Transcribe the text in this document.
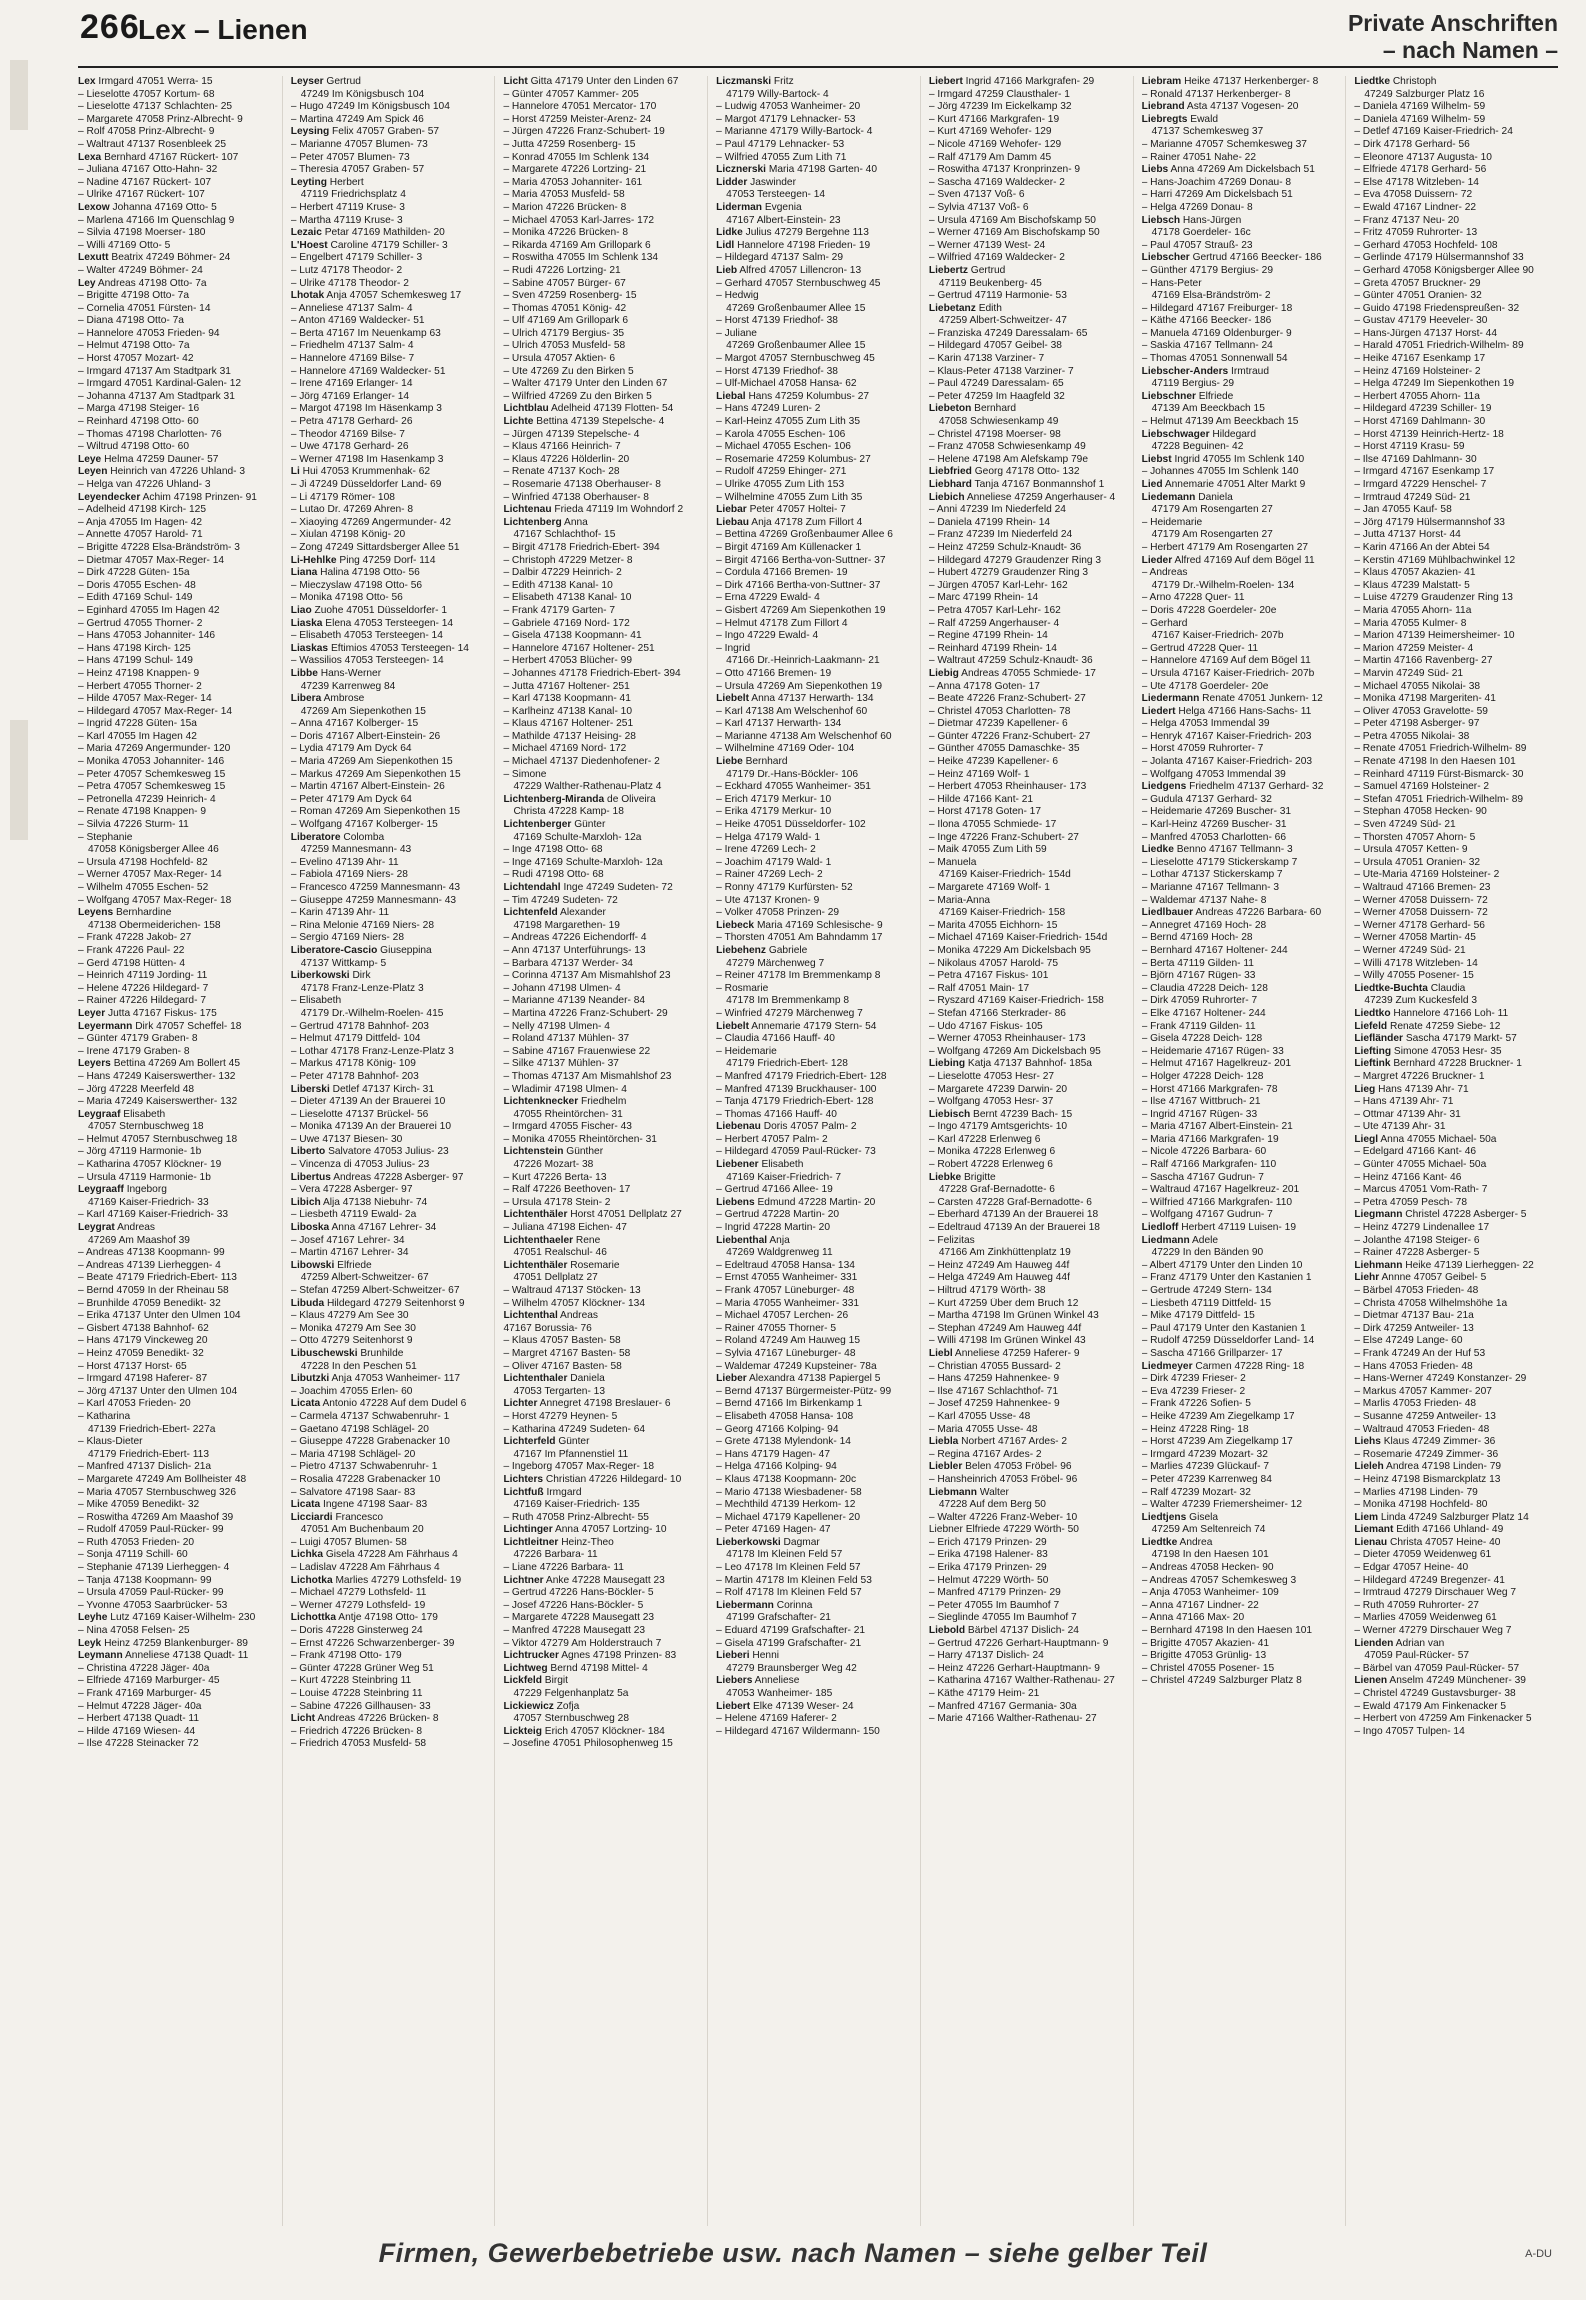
266
Lex – Lienen	Private Anschriften
– nach Namen –
Lex Irmgard 47051 Werra- 15
– Lieselotte 47057 Kortum- 68
– Lieselotte 47137 Schlachten- 25
– Margarete 47058 Prinz-Albrecht- 9
– Rolf 47058 Prinz-Albrecht- 9
– Waltraut 47137 Rosenbleek 25
Lexa Bernhard 47167 Rückert- 107
– Juliana 47167 Otto-Hahn- 32
– Nadine 47167 Rückert- 107
– Ulrike 47167 Rückert- 107
Lexow Johanna 47169 Otto- 5
– Marlena 47166 Im Quenschlag 9
– Silvia 47198 Moerser- 180
– Willi 47169 Otto- 5
Lexutt Beatrix 47249 Böhmer- 24
– Walter 47249 Böhmer- 24
Ley Andreas 47198 Otto- 7a
– Brigitte 47198 Otto- 7a
– Cornelia 47051 Fürsten- 14
– Diana 47198 Otto- 7a
– Hannelore 47053 Frieden- 94
– Helmut 47198 Otto- 7a
– Horst 47057 Mozart- 42
– Irmgard 47137 Am Stadtpark 31
– Irmgard 47051 Kardinal-Galen- 12
– Johanna 47137 Am Stadtpark 31
– Marga 47198 Steiger- 16
– Reinhard 47198 Otto- 60
– Thomas 47198 Charlotten- 76
– Wiltrud 47198 Otto- 60
Leye Helma 47259 Dauner- 57
Leyen Heinrich van 47226 Uhland- 3
– Helga van 47226 Uhland- 3
Leyendecker Achim 47198 Prinzen- 91
– Adelheid 47198 Kirch- 125
– Anja 47055 Im Hagen- 42
– Annette 47057 Harold- 71
– Brigitte 47228 Elsa-Brändström- 3
– Dietmar 47057 Max-Reger- 14
– Dirk 47228 Güten- 15a
– Doris 47055 Eschen- 48
– Edith 47169 Schul- 149
– Eginhard 47055 Im Hagen 42
– Gertrud 47055 Thorner- 2
– Hans 47053 Johanniter- 146
– Hans 47198 Kirch- 125
– Hans 47199 Schul- 149
– Heinz 47198 Knappen- 9
– Herbert 47055 Thorner- 2
– Hilde 47057 Max-Reger- 14
– Hildegard 47057 Max-Reger- 14
– Ingrid 47228 Güten- 15a
– Karl 47055 Im Hagen 42
– Maria 47269 Angermunder- 120
– Monika 47053 Johanniter- 146
– Peter 47057 Schemkesweg 15
– Petra 47057 Schemkesweg 15
– Petronella 47239 Heinrich- 4
– Renate 47198 Knappen- 9
– Silvia 47226 Sturm- 11
– Stephanie
47058 Königsberger Allee 46
– Ursula 47198 Hochfeld- 82
– Werner 47057 Max-Reger- 14
– Wilhelm 47055 Eschen- 52
– Wolfgang 47057 Max-Reger- 18
Leyens Bernhardine
47138 Obermeiderichen- 158
– Frank 47228 Jakob- 27
– Frank 47226 Paul- 22
– Gerd 47198 Hütten- 4
– Heinrich 47119 Jording- 11
– Helene 47226 Hildegard- 7
– Rainer 47226 Hildegard- 7
Leyer Jutta 47167 Fiskus- 175
Leyermann Dirk 47057 Scheffel- 18
– Günter 47179 Graben- 8
– Irene 47179 Graben- 8
Leyers Bettina 47269 Am Bollert 45
– Hans 47249 Kaiserswerther- 132
– Jörg 47228 Meerfeld 48
– Maria 47249 Kaiserswerther- 132
Leygraaf Elisabeth
47057 Sternbuschweg 18
– Helmut 47057 Sternbuschweg 18
– Jörg 47119 Harmonie- 1b
– Katharina 47057 Klöckner- 19
– Ursula 47119 Harmonie- 1b
Leygraaff Ingeborg
47169 Kaiser-Friedrich- 33
– Karl 47169 Kaiser-Friedrich- 33
Leygrat Andreas
47269 Am Maashof 39
– Andreas 47138 Koopmann- 99
– Andreas 47139 Lierheggen- 4
– Beate 47179 Friedrich-Ebert- 113
– Bernd 47059 In der Rheinau 58
– Brunhilde 47059 Benedikt- 32
– Erika 47137 Unter den Ulmen 104
– Gisbert 47138 Bahnhof- 62
– Hans 47179 Vinckeweg 20
– Heinz 47059 Benedikt- 32
– Horst 47137 Horst- 65
– Irmgard 47198 Haferer- 87
– Jörg 47137 Unter den Ulmen 104
– Karl 47053 Frieden- 20
– Katharina
47139 Friedrich-Ebert- 227a
– Klaus-Dieter
47179 Friedrich-Ebert- 113
– Manfred 47137 Dislich- 21a
– Margarete 47249 Am Bollheister 48
– Maria 47057 Sternbuschweg 326
– Mike 47059 Benedikt- 32
– Roswitha 47269 Am Maashof 39
– Rudolf 47059 Paul-Rücker- 99
– Ruth 47053 Frieden- 20
– Sonja 47119 Schill- 60
– Stephanie 47139 Lierheggen- 4
– Tanja 47138 Koopmann- 99
– Ursula 47059 Paul-Rücker- 99
– Yvonne 47053 Saarbrücker- 53
Leyhe Lutz 47169 Kaiser-Wilhelm- 230
– Nina 47058 Felsen- 25
Leyk Heinz 47259 Blankenburger- 89
Leymann Anneliese 47138 Quadt- 11
– Christina 47228 Jäger- 40a
– Elfriede 47169 Marburger- 45
– Frank 47169 Marburger- 45
– Helmut 47228 Jäger- 40a
– Herbert 47138 Quadt- 11
– Hilde 47169 Wiesen- 44
– Ilse 47228 Steinacker 72
Leyser Gertrud
47249 Im Königsbusch 104
– Hugo 47249 Im Königsbusch 104
– Martina 47249 Am Spick 46
Leysing Felix 47057 Graben- 57
– Marianne 47057 Blumen- 73
– Peter 47057 Blumen- 73
– Theresia 47057 Graben- 57
Leyting Herbert
47119 Friedrichsplatz 4
– Herbert 47119 Kruse- 3
– Martha 47119 Kruse- 3
Lezaic Petar 47169 Mathilden- 20
L'Hoest Caroline 47179 Schiller- 3
– Engelbert 47179 Schiller- 3
– Lutz 47178 Theodor- 2
– Ulrike 47178 Theodor- 2
Lhotak Anja 47057 Schemkesweg 17
– Anneliese 47137 Salm- 4
– Anton 47169 Waldecker- 51
– Berta 47167 Im Neuenkamp 63
– Friedhelm 47137 Salm- 4
– Hannelore 47169 Bilse- 7
– Hannelore 47169 Waldecker- 51
– Irene 47169 Erlanger- 14
– Jörg 47169 Erlanger- 14
– Margot 47198 Im Häsenkamp 3
– Petra 47178 Gerhard- 26
– Theodor 47169 Bilse- 7
– Uwe 47178 Gerhard- 26
– Werner 47198 Im Hasenkamp 3
Li Hui 47053 Krummenhak- 62
– Ji 47249 Düsseldorfer Land- 69
– Li 47179 Römer- 108
– Lutao Dr. 47269 Ahren- 8
– Xiaoying 47269 Angermunder- 42
– Xiulan 47198 König- 20
– Zong 47249 Sittardsberger Allee 51
Li-Hehlke Ping 47259 Dorf- 114
Liana Halina 47198 Otto- 56
– Mieczyslaw 47198 Otto- 56
– Monika 47198 Otto- 56
Liao Zuohe 47051 Düsseldorfer- 1
Liaska Elena 47053 Tersteegen- 14
– Elisabeth 47053 Tersteegen- 14
Liaskas Eftimios 47053 Tersteegen- 14
– Wassilios 47053 Tersteegen- 14
Libbe Hans-Werner
47239 Karrenweg 84
Libera Ambrose
47269 Am Siepenkothen 15
– Anna 47167 Kolberger- 15
– Doris 47167 Albert-Einstein- 26
– Lydia 47179 Am Dyck 64
– Maria 47269 Am Siepenkothen 15
– Markus 47269 Am Siepenkothen 15
– Martin 47167 Albert-Einstein- 26
– Peter 47179 Am Dyck 64
– Roman 47269 Am Siepenkothen 15
– Wolfgang 47167 Kolberger- 15
Liberatore Colomba
47259 Mannesmann- 43
– Evelino 47139 Ahr- 11
– Fabiola 47169 Niers- 28
– Francesco 47259 Mannesmann- 43
– Giuseppe 47259 Mannesmann- 43
– Karin 47139 Ahr- 11
– Rina Melonie 47169 Niers- 28
– Sergio 47169 Niers- 28
Liberatore-Cascio Giuseppina
47137 Wittkamp- 5
Liberkowski Dirk
47178 Franz-Lenze-Platz 3
– Elisabeth
47179 Dr.-Wilhelm-Roelen- 415
– Gertrud 47178 Bahnhof- 203
– Helmut 47179 Dittfeld- 104
– Lothar 47178 Franz-Lenze-Platz 3
– Markus 47178 König- 109
– Peter 47178 Bahnhof- 203
Liberski Detlef 47137 Kirch- 31
– Dieter 47139 An der Brauerei 10
– Lieselotte 47137 Brückel- 56
– Monika 47139 An der Brauerei 10
– Uwe 47137 Biesen- 30
Liberto Salvatore 47053 Julius- 23
– Vincenza di 47053 Julius- 23
Libertus Andreas 47228 Asberger- 97
– Vera 47228 Asberger- 97
Libich Alja 47138 Niebuhr- 74
– Liesbeth 47119 Ewald- 2a
Liboska Anna 47167 Lehrer- 34
– Josef 47167 Lehrer- 34
– Martin 47167 Lehrer- 34
Libowski Elfriede
47259 Albert-Schweitzer- 67
– Stefan 47259 Albert-Schweitzer- 67
Libuda Hildegard 47279 Seitenhorst 9
– Klaus 47279 Am See 30
– Monika 47279 Am See 30
– Otto 47279 Seitenhorst 9
Libuschewski Brunhilde
47228 In den Peschen 51
Libutzki Anja 47053 Wanheimer- 117
– Joachim 47055 Erlen- 60
Licata Antonio 47228 Auf dem Dudel 6
– Carmela 47137 Schwabenruhr- 1
– Gaetano 47198 Schlägel- 20
– Giuseppe 47228 Grabenacker 10
– Maria 47198 Schlägel- 20
– Pietro 47137 Schwabenruhr- 1
– Rosalia 47228 Grabenacker 10
– Salvatore 47198 Saar- 83
Licata Ingene 47198 Saar- 83
Licciardi Francesco
47051 Am Buchenbaum 20
– Luigi 47057 Blumen- 58
Lichka Gisela 47228 Am Fährhaus 4
– Ladislav 47228 Am Fährhaus 4
Lichotka Marlies 47279 Lothsfeld- 19
– Michael 47279 Lothsfeld- 11
– Werner 47279 Lothsfeld- 19
Lichottka Antje 47198 Otto- 179
– Doris 47228 Ginsterweg 24
– Ernst 47226 Schwarzenberger- 39
– Frank 47198 Otto- 179
– Günter 47228 Grüner Weg 51
– Kurt 47228 Steinbring 11
– Louise 47228 Steinbring 11
– Sabine 47226 Gillhausen- 33
Licht Andreas 47226 Brücken- 8
– Friedrich 47226 Brücken- 8
– Friedrich 47053 Musfeld- 58
Licht Gitta 47179 Unter den Linden 67
– Günter 47057 Kammer- 205
– Hannelore 47051 Mercator- 170
– Horst 47259 Meister-Arenz- 24
– Jürgen 47226 Franz-Schubert- 19
– Jutta 47259 Rosenberg- 15
– Konrad 47055 Im Schlenk 134
– Margarete 47226 Lortzing- 21
– Maria 47053 Johanniter- 161
– Maria 47053 Musfeld- 58
– Marion 47226 Brücken- 8
– Michael 47053 Karl-Jarres- 172
– Monika 47226 Brücken- 8
– Rikarda 47169 Am Grillopark 6
– Roswitha 47055 Im Schlenk 134
– Rudi 47226 Lortzing- 21
– Sabine 47057 Bürger- 67
– Sven 47259 Rosenberg- 15
– Thomas 47051 König- 42
– Ulf 47169 Am Grillopark 6
– Ulrich 47179 Bergius- 35
– Ulrich 47053 Musfeld- 58
– Ursula 47057 Aktien- 6
– Ute 47269 Zu den Birken 5
– Walter 47179 Unter den Linden 67
– Wilfried 47269 Zu den Birken 5
Lichtblau Adelheid 47139 Flotten- 54
Lichte Bettina 47139 Stepelsche- 4
– Jürgen 47139 Stepelsche- 4
– Klaus 47166 Heinrich- 7
– Klaus 47226 Hölderlin- 20
– Renate 47137 Koch- 28
– Rosemarie 47138 Oberhauser- 8
– Winfried 47138 Oberhauser- 8
Lichtenau Frieda 47119 Im Wohndorf 2
Lichtenberg Anna
47167 Schlachthof- 15
– Birgit 47178 Friedrich-Ebert- 394
– Christoph 47229 Metzer- 8
– Dalbir 47229 Heinrich- 2
– Edith 47138 Kanal- 10
– Elisabeth 47138 Kanal- 10
– Frank 47179 Garten- 7
– Gabriele 47169 Nord- 172
– Gisela 47138 Koopmann- 41
– Hannelore 47167 Holtener- 251
– Herbert 47053 Blücher- 99
– Johannes 47178 Friedrich-Ebert- 394
– Jutta 47167 Holtener- 251
– Karl 47138 Koopmann- 41
– Karlheinz 47138 Kanal- 10
– Klaus 47167 Holtener- 251
– Mathilde 47137 Heising- 28
– Michael 47169 Nord- 172
– Michael 47137 Diedenhofener- 2
– Simone
47229 Walther-Rathenau-Platz 4
Lichtenberg-Miranda de Oliveira
Christa 47228 Kamp- 18
Lichtenberger Günter
47169 Schulte-Marxloh- 12a
– Inge 47198 Otto- 68
– Inge 47169 Schulte-Marxloh- 12a
– Rudi 47198 Otto- 68
Lichtendahl Inge 47249 Sudeten- 72
– Tim 47249 Sudeten- 72
Lichtenfeld Alexander
47198 Margarethen- 19
– Andreas 47226 Eichendorff- 4
– Ann 47137 Unterführungs- 13
– Barbara 47137 Werder- 34
– Corinna 47137 Am Mismahlshof 23
– Johann 47198 Ulmen- 4
– Marianne 47139 Neander- 84
– Martina 47226 Franz-Schubert- 29
– Nelly 47198 Ulmen- 4
– Roland 47137 Mühlen- 37
– Sabine 47167 Frauenwiese 22
– Silke 47137 Mühlen- 37
– Thomas 47137 Am Mismahlshof 23
– Wladimir 47198 Ulmen- 4
Lichtenknecker Friedhelm
47055 Rheintörchen- 31
– Irmgard 47055 Fischer- 43
– Monika 47055 Rheintörchen- 31
Lichtenstein Günther
47226 Mozart- 38
– Kurt 47226 Berta- 13
– Ralf 47226 Beethoven- 17
– Ursula 47178 Stein- 2
Lichtenthäler Horst 47051 Dellplatz 27
– Juliana 47198 Eichen- 47
Lichtenthaeler Rene
47051 Realschul- 46
Lichtenthäler Rosemarie
47051 Dellplatz 27
– Waltraud 47137 Stöcken- 13
– Wilhelm 47057 Klöckner- 134
Lichtenthal Andreas
47167 Borussia- 76
– Klaus 47057 Basten- 58
– Margret 47167 Basten- 58
– Oliver 47167 Basten- 58
Lichtenthaler Daniela
47053 Tergarten- 13
Lichter Annegret 47198 Breslauer- 6
– Horst 47279 Heynen- 5
– Katharina 47249 Sudeten- 64
Lichterfeld Günter
47167 Im Pfannenstiel 11
– Ingeborg 47057 Max-Reger- 18
Lichters Christian 47226 Hildegard- 10
Lichtfuß Irmgard
47169 Kaiser-Friedrich- 135
– Ruth 47058 Prinz-Albrecht- 55
Lichtinger Anna 47057 Lortzing- 10
Lichtleitner Heinz-Theo
47226 Barbara- 11
– Liane 47226 Barbara- 11
Lichtner Anke 47228 Mausegatt 23
– Gertrud 47226 Hans-Böckler- 5
– Josef 47226 Hans-Böckler- 5
– Margarete 47228 Mausegatt 23
– Manfred 47228 Mausegatt 23
– Viktor 47279 Am Holderstrauch 7
Lichtrucker Agnes 47198 Prinzen- 83
Lichtweg Bernd 47198 Mittel- 4
Lickfeld Birgit
47229 Felgenhanplatz 5a
Lickiewicz Zofja
47057 Sternbuschweg 28
Lickteig Erich 47057 Klöckner- 184
– Josefine 47051 Philosophenweg 15
Liczmanski Fritz
47179 Willy-Bartock- 4
– Ludwig 47053 Wanheimer- 20
– Margot 47179 Lehnacker- 53
– Marianne 47179 Willy-Bartock- 4
– Paul 47179 Lehnacker- 53
– Wilfried 47055 Zum Lith 71
Licznerski Maria 47198 Garten- 40
Lidder Jaswinder
47053 Tersteegen- 14
Liderman Evgenia
47167 Albert-Einstein- 23
Lidke Julius 47279 Bergehne 113
Lidl Hannelore 47198 Frieden- 19
– Hildegard 47137 Salm- 29
Lieb Alfred 47057 Lillencron- 13
– Gerhard 47057 Sternbuschweg 45
– Hedwig
47269 Großenbaumer Allee 15
– Horst 47139 Friedhof- 38
– Juliane
47269 Großenbaumer Allee 15
– Margot 47057 Sternbuschweg 45
– Horst 47139 Friedhof- 38
– Ulf-Michael 47058 Hansa- 62
Liebal Hans 47259 Kolumbus- 27
– Hans 47249 Luren- 2
– Karl-Heinz 47055 Zum Lith 35
– Karola 47055 Eschen- 106
– Michael 47055 Eschen- 106
– Rosemarie 47259 Kolumbus- 27
– Rudolf 47259 Ehinger- 271
– Ulrike 47055 Zum Lith 153
– Wilhelmine 47055 Zum Lith 35
Liebar Peter 47057 Holtei- 7
Liebau Anja 47178 Zum Fillort 4
– Bettina 47269 Großenbaumer Allee 6
– Birgit 47169 Am Küllenacker 1
– Birgit 47166 Bertha-von-Suttner- 37
– Cordula 47166 Bremen- 19
– Dirk 47166 Bertha-von-Suttner- 37
– Erna 47229 Ewald- 4
– Gisbert 47269 Am Siepenkothen 19
– Helmut 47178 Zum Fillort 4
– Ingo 47229 Ewald- 4
– Ingrid
47166 Dr.-Heinrich-Laakmann- 21
– Otto 47166 Bremen- 19
– Ursula 47269 Am Siepenkothen 19
Liebelt Anna 47137 Herwarth- 134
– Karl 47138 Am Welschenhof 60
– Karl 47137 Herwarth- 134
– Marianne 47138 Am Welschenhof 60
– Wilhelmine 47169 Oder- 104
Liebe Bernhard
47179 Dr.-Hans-Böckler- 106
– Eckhard 47055 Wanheimer- 351
– Erich 47179 Merkur- 10
– Erika 47179 Merkur- 10
– Heike 47051 Düsseldorfer- 102
– Helga 47179 Wald- 1
– Irene 47269 Lech- 2
– Joachim 47179 Wald- 1
– Rainer 47269 Lech- 2
– Ronny 47179 Kurfürsten- 52
– Ute 47137 Kronen- 9
– Volker 47058 Prinzen- 29
Liebeck Maria 47169 Schlesische- 9
– Thorsten 47051 Am Bahndamm 17
Liebehenz Gabriele
47279 Märchenweg 7
– Reiner 47178 Im Bremmenkamp 8
– Rosmarie
47178 Im Bremmenkamp 8
– Winfried 47279 Märchenweg 7
Liebelt Annemarie 47179 Stern- 54
– Claudia 47166 Hauff- 40
– Heidemarie
47179 Friedrich-Ebert- 128
– Manfred 47179 Friedrich-Ebert- 128
– Manfred 47139 Bruckhauser- 100
– Tanja 47179 Friedrich-Ebert- 128
– Thomas 47166 Hauff- 40
Liebenau Doris 47057 Palm- 2
– Herbert 47057 Palm- 2
– Hildegard 47059 Paul-Rücker- 73
Liebener Elisabeth
47169 Kaiser-Friedrich- 7
– Gertrud 47166 Allee- 19
Liebens Edmund 47228 Martin- 20
– Gertrud 47228 Martin- 20
– Ingrid 47228 Martin- 20
Liebenthal Anja
47269 Waldgrenweg 11
– Edeltraud 47058 Hansa- 134
– Ernst 47055 Wanheimer- 331
– Frank 47057 Lüneburger- 48
– Maria 47055 Wanheimer- 331
– Michael 47057 Lerchen- 26
– Rainer 47055 Thorner- 5
– Roland 47249 Am Hauweg 15
– Sylvia 47167 Lüneburger- 48
– Waldemar 47249 Kupsteiner- 78a
Lieber Alexandra 47138 Papiergel 5
– Bernd 47137 Bürgermeister-Pütz- 99
– Bernd 47166 Im Birkenkamp 1
– Elisabeth 47058 Hansa- 108
– Georg 47166 Kolping- 94
– Grete 47138 Mylendonk- 14
– Hans 47179 Hagen- 47
– Helga 47166 Kolping- 94
– Klaus 47138 Koopmann- 20c
– Mario 47138 Wiesbadener- 58
– Mechthild 47139 Herkom- 12
– Michael 47179 Kapellener- 20
– Peter 47169 Hagen- 47
Lieberkowski Dagmar
47178 Im Kleinen Feld 57
– Leo 47178 Im Kleinen Feld 57
– Martin 47178 Im Kleinen Feld 53
– Rolf 47178 Im Kleinen Feld 57
Liebermann Corinna
47199 Grafschafter- 21
– Eduard 47199 Grafschafter- 21
– Gisela 47199 Grafschafter- 21
Lieberi Henni
47279 Braunsberger Weg 42
Liebers Anneliese
47053 Wanheimer- 185
Liebert Elke 47139 Weser- 24
– Helene 47169 Haferer- 2
– Hildegard 47167 Wildermann- 150
Liebert Ingrid 47166 Markgrafen- 29
– Irmgard 47259 Clausthaler- 1
– Jörg 47239 Im Eickelkamp 32
– Kurt 47166 Markgrafen- 19
– Kurt 47169 Wehofer- 129
– Nicole 47169 Wehofer- 129
– Ralf 47179 Am Damm 45
– Roswitha 47137 Kronprinzen- 9
– Sascha 47169 Waldecker- 2
– Sven 47137 Voß- 6
– Sylvia 47137 Voß- 6
– Ursula 47169 Am Bischofskamp 50
– Werner 47169 Am Bischofskamp 50
– Werner 47139 West- 24
– Wilfried 47169 Waldecker- 2
Liebertz Gertrud
47119 Beukenberg- 45
– Gertrud 47119 Harmonie- 53
Liebetanz Edith
47259 Albert-Schweitzer- 47
– Franziska 47249 Daressalam- 65
– Hildegard 47057 Geibel- 38
– Karin 47138 Varziner- 7
– Klaus-Peter 47138 Varziner- 7
– Paul 47249 Daressalam- 65
– Peter 47259 Im Haagfeld 32
Liebeton Bernhard
47058 Schwiesenkamp 49
– Christel 47198 Moerser- 98
– Franz 47058 Schwiesenkamp 49
– Helene 47198 Am Alefskamp 79e
Liebfried Georg 47178 Otto- 132
Liebhard Tanja 47167 Bonmannshof 1
Liebich Anneliese 47259 Angerhauser- 4
– Anni 47239 Im Niederfeld 24
– Daniela 47199 Rhein- 14
– Franz 47239 Im Niederfeld 24
– Heinz 47259 Schulz-Knaudt- 36
– Hildegard 47279 Graudenzer Ring 3
– Hubert 47279 Graudenzer Ring 3
– Jürgen 47057 Karl-Lehr- 162
– Marc 47199 Rhein- 14
– Petra 47057 Karl-Lehr- 162
– Ralf 47259 Angerhauser- 4
– Regine 47199 Rhein- 14
– Reinhard 47199 Rhein- 14
– Waltraut 47259 Schulz-Knaudt- 36
Liebig Andreas 47055 Schmiede- 17
– Anna 47178 Goten- 17
– Beate 47226 Franz-Schubert- 27
– Christel 47053 Charlotten- 78
– Dietmar 47239 Kapellener- 6
– Günter 47226 Franz-Schubert- 27
– Günther 47055 Damaschke- 35
– Heike 47239 Kapellener- 6
– Heinz 47169 Wolf- 1
– Herbert 47053 Rheinhauser- 173
– Hilde 47166 Kant- 21
– Horst 47178 Goten- 17
– Ilona 47055 Schmiede- 17
– Inge 47226 Franz-Schubert- 27
– Maik 47055 Zum Lith 59
– Manuela
47169 Kaiser-Friedrich- 154d
– Margarete 47169 Wolf- 1
– Maria-Anna
47169 Kaiser-Friedrich- 158
– Marita 47055 Eichhorn- 15
– Michael 47169 Kaiser-Friedrich- 154d
– Monika 47229 Am Dickelsbach 95
– Nikolaus 47057 Harold- 75
– Petra 47167 Fiskus- 101
– Ralf 47051 Main- 17
– Ryszard 47169 Kaiser-Friedrich- 158
– Stefan 47166 Sterkrader- 86
– Udo 47167 Fiskus- 105
– Werner 47053 Rheinhauser- 173
– Wolfgang 47269 Am Dickelsbach 95
Liebing Katja 47137 Bahnhof- 185a
– Lieselotte 47053 Hesr- 27
– Margarete 47239 Darwin- 20
– Wolfgang 47053 Hesr- 37
Liebisch Bernt 47239 Bach- 15
– Ingo 47179 Amtsgerichts- 10
– Karl 47228 Erlenweg 6
– Monika 47228 Erlenweg 6
– Robert 47228 Erlenweg 6
Liebke Brigitte
47228 Graf-Bernadotte- 6
– Carsten 47228 Graf-Bernadotte- 6
– Eberhard 47139 An der Brauerei 18
– Edeltraud 47139 An der Brauerei 18
– Felizitas
47166 Am Zinkhüttenplatz 19
– Heinz 47249 Am Hauweg 44f
– Helga 47249 Am Hauweg 44f
– Hiltrud 47179 Wörth- 38
– Kurt 47259 Über dem Bruch 12
– Martha 47198 Im Grünen Winkel 43
– Stephan 47249 Am Hauweg 44f
– Willi 47198 Im Grünen Winkel 43
Liebl Anneliese 47259 Haferer- 9
– Christian 47055 Bussard- 2
– Hans 47259 Hahnenkee- 9
– Ilse 47167 Schlachthof- 71
– Josef 47259 Hahnenkee- 9
– Karl 47055 Usse- 48
– Maria 47055 Usse- 48
Liebla Norbert 47167 Ardes- 2
– Regina 47167 Ardes- 2
Liebler Belen 47053 Fröbel- 96
– Hansheinrich 47053 Fröbel- 96
Liebmann Walter
47228 Auf dem Berg 50
– Walter 47226 Franz-Weber- 10
Liebner Elfriede 47229 Wörth- 50
– Erich 47179 Prinzen- 29
– Erika 47198 Halener- 83
– Erika 47179 Prinzen- 29
– Helmut 47229 Wörth- 50
– Manfred 47179 Prinzen- 29
– Peter 47055 Im Baumhof 7
– Sieglinde 47055 Im Baumhof 7
Liebold Bärbel 47137 Dislich- 24
– Gertrud 47226 Gerhart-Hauptmann- 9
– Harry 47137 Dislich- 24
– Heinz 47226 Gerhart-Hauptmann- 9
– Katharina 47167 Walther-Rathenau- 27
– Käthe 47179 Heim- 21
– Manfred 47167 Germania- 30a
– Marie 47166 Walther-Rathenau- 27
Liebram Heike 47137 Herkenberger- 8
– Ronald 47137 Herkenberger- 8
Liebrand Asta 47137 Vogesen- 20
Liebregts Ewald
47137 Schemkesweg 37
– Marianne 47057 Schemkesweg 37
– Rainer 47051 Nahe- 22
Liebs Anna 47269 Am Dickelsbach 51
– Hans-Joachim 47269 Donau- 8
– Harri 47269 Am Dickelsbach 51
– Helga 47269 Donau- 8
Liebsch Hans-Jürgen
47178 Goerdeler- 16c
– Paul 47057 Strauß- 23
Liebscher Gertrud 47166 Beecker- 186
– Günther 47179 Bergius- 29
– Hans-Peter
47169 Elsa-Brändström- 2
– Hildegard 47167 Freiburger- 18
– Käthe 47166 Beecker- 186
– Manuela 47169 Oldenburger- 9
– Saskia 47167 Tellmann- 24
– Thomas 47051 Sonnenwall 54
Liebscher-Anders Irmtraud
47119 Bergius- 29
Liebschner Elfriede
47139 Am Beeckbach 15
– Helmut 47139 Am Beeckbach 15
Liebschwager Hildegard
47228 Beguinen- 42
Liebst Ingrid 47055 Im Schlenk 140
– Johannes 47055 Im Schlenk 140
Lied Annemarie 47051 Alter Markt 9
Liedemann Daniela
47179 Am Rosengarten 27
– Heidemarie
47179 Am Rosengarten 27
– Herbert 47179 Am Rosengarten 27
Lieder Alfred 47169 Auf dem Bögel 11
– Andreas
47179 Dr.-Wilhelm-Roelen- 134
– Arno 47228 Quer- 11
– Doris 47228 Goerdeler- 20e
– Gerhard
47167 Kaiser-Friedrich- 207b
– Gertrud 47228 Quer- 11
– Hannelore 47169 Auf dem Bögel 11
– Ursula 47167 Kaiser-Friedrich- 207b
– Ute 47178 Goerdeler- 20e
Liedermann Renate 47051 Junkern- 12
Liedert Helga 47166 Hans-Sachs- 11
– Helga 47053 Immendal 39
– Henryk 47167 Kaiser-Friedrich- 203
– Horst 47059 Ruhrorter- 7
– Jolanta 47167 Kaiser-Friedrich- 203
– Wolfgang 47053 Immendal 39
Liedgens Friedhelm 47137 Gerhard- 32
– Gudula 47137 Gerhard- 32
– Heidemarie 47269 Buscher- 31
– Karl-Heinz 47269 Buscher- 31
– Manfred 47053 Charlotten- 66
Liedke Benno 47167 Tellmann- 3
– Lieselotte 47179 Stickerskamp 7
– Lothar 47137 Stickerskamp 7
– Marianne 47167 Tellmann- 3
– Waldemar 47137 Nahe- 8
Liedlbauer Andreas 47226 Barbara- 60
– Annegret 47169 Hoch- 28
– Bernd 47169 Hoch- 28
– Bernhard 47167 Holtener- 244
– Berta 47119 Gilden- 11
– Björn 47167 Rügen- 33
– Claudia 47228 Deich- 128
– Dirk 47059 Ruhrorter- 7
– Elke 47167 Holtener- 244
– Frank 47119 Gilden- 11
– Gisela 47228 Deich- 128
– Heidemarie 47167 Rügen- 33
– Helmut 47167 Hagelkreuz- 201
– Holger 47228 Deich- 128
– Horst 47166 Markgrafen- 78
– Ilse 47167 Wittbruch- 21
– Ingrid 47167 Rügen- 33
– Maria 47167 Albert-Einstein- 21
– Maria 47166 Markgrafen- 19
– Nicole 47226 Barbara- 60
– Ralf 47166 Markgrafen- 110
– Sascha 47167 Gudrun- 7
– Waltraud 47167 Hagelkreuz- 201
– Wilfried 47166 Markgrafen- 110
– Wolfgang 47167 Gudrun- 7
Liedloff Herbert 47119 Luisen- 19
Liedmann Adele
47229 In den Bänden 90
– Albert 47179 Unter den Linden 10
– Franz 47179 Unter den Kastanien 1
– Gertrude 47249 Stern- 134
– Liesbeth 47119 Dittfeld- 15
– Mike 47179 Dittfeld- 15
– Paul 47179 Unter den Kastanien 1
– Rudolf 47259 Düsseldorfer Land- 14
– Sascha 47166 Grillparzer- 17
Liedmeyer Carmen 47228 Ring- 18
– Dirk 47239 Frieser- 2
– Eva 47239 Frieser- 2
– Frank 47226 Sofien- 5
– Heike 47239 Am Ziegelkamp 17
– Heinz 47228 Ring- 18
– Horst 47239 Am Ziegelkamp 17
– Irmgard 47239 Mozart- 32
– Marlies 47239 Glückauf- 7
– Peter 47239 Karrenweg 84
– Ralf 47239 Mozart- 32
– Walter 47239 Friemersheimer- 12
Liedtjens Gisela
47259 Am Seltenreich 74
Liedtke Andrea
47198 In den Haesen 101
– Andreas 47058 Hecken- 90
– Andreas 47057 Schemkesweg 3
– Anja 47053 Wanheimer- 109
– Anna 47167 Lindner- 22
– Anna 47166 Max- 20
– Bernhard 47198 In den Haesen 101
– Brigitte 47057 Akazien- 41
– Brigitte 47053 Grünlig- 13
– Christel 47055 Posener- 15
– Christel 47249 Salzburger Platz 8
Liedtke Christoph
47249 Salzburger Platz 16
– Daniela 47169 Wilhelm- 59
– Daniela 47169 Wilhelm- 59
– Detlef 47169 Kaiser-Friedrich- 24
– Dirk 47178 Gerhard- 56
– Eleonore 47137 Augusta- 10
– Elfriede 47178 Gerhard- 56
– Else 47178 Witzleben- 14
– Eva 47058 Duissern- 72
– Ewald 47167 Lindner- 22
– Franz 47137 Neu- 20
– Fritz 47059 Ruhrorter- 13
– Gerhard 47053 Hochfeld- 108
– Gerlinde 47179 Hülsermannshof 33
– Gerhard 47058 Königsberger Allee 90
– Greta 47057 Bruckner- 29
– Günter 47051 Oranien- 32
– Guido 47198 Friedenspreußen- 32
– Gustav 47179 Heeveler- 30
– Hans-Jürgen 47137 Horst- 44
– Harald 47051 Friedrich-Wilhelm- 89
– Heike 47167 Esenkamp 17
– Heinz 47169 Holsteiner- 2
– Helga 47249 Im Siepenkothen 19
– Herbert 47055 Ahorn- 11a
– Hildegard 47239 Schiller- 19
– Horst 47169 Dahlmann- 30
– Horst 47139 Heinrich-Hertz- 18
– Horst 47119 Krasu- 59
– Ilse 47169 Dahlmann- 30
– Irmgard 47167 Esenkamp 17
– Irmgard 47229 Henschel- 7
– Irmtraud 47249 Süd- 21
– Jan 47055 Kauf- 58
– Jörg 47179 Hülsermannshof 33
– Jutta 47137 Horst- 44
– Karin 47166 An der Abtei 54
– Kerstin 47169 Mühlbachwinkel 12
– Klaus 47057 Akazien- 41
– Klaus 47239 Malstatt- 5
– Luise 47279 Graudenzer Ring 13
– Maria 47055 Ahorn- 11a
– Maria 47055 Kulmer- 8
– Marion 47139 Heimersheimer- 10
– Marion 47259 Meister- 4
– Martin 47166 Ravenberg- 27
– Marvin 47249 Süd- 21
– Michael 47055 Nikolai- 38
– Monika 47198 Margeriten- 41
– Oliver 47053 Gravelotte- 59
– Peter 47198 Asberger- 97
– Petra 47055 Nikolai- 38
– Renate 47051 Friedrich-Wilhelm- 89
– Renate 47198 In den Haesen 101
– Reinhard 47119 Fürst-Bismarck- 30
– Samuel 47169 Holsteiner- 2
– Stefan 47051 Friedrich-Wilhelm- 89
– Stephan 47058 Hecken- 90
– Sven 47249 Süd- 21
– Thorsten 47057 Ahorn- 5
– Ursula 47057 Ketten- 9
– Ursula 47051 Oranien- 32
– Ute-Maria 47169 Holsteiner- 2
– Waltraud 47166 Bremen- 23
– Werner 47058 Duissern- 72
– Werner 47058 Duissern- 72
– Werner 47178 Gerhard- 56
– Werner 47058 Martin- 45
– Werner 47249 Süd- 21
– Willi 47178 Witzleben- 14
– Willy 47055 Posener- 15
Liedtke-Buchta Claudia
47239 Zum Kuckesfeld 3
Liedtko Hannelore 47166 Loh- 11
Liefeld Renate 47259 Siebe- 12
Liefländer Sascha 47179 Markt- 57
Liefting Simone 47053 Hesr- 35
Lieftink Bernhard 47228 Bruckner- 1
– Margret 47226 Bruckner- 1
Lieg Hans 47139 Ahr- 71
– Hans 47139 Ahr- 71
– Ottmar 47139 Ahr- 31
– Ute 47139 Ahr- 31
Liegl Anna 47055 Michael- 50a
– Edelgard 47166 Kant- 46
– Günter 47055 Michael- 50a
– Heinz 47166 Kant- 46
– Marcus 47051 Vom-Rath- 7
– Petra 47059 Pesch- 78
Liegmann Christel 47228 Asberger- 5
– Heinz 47279 Lindenallee 17
– Jolanthe 47198 Steiger- 6
– Rainer 47228 Asberger- 5
Liehmann Heike 47139 Lierheggen- 22
Liehr Annne 47057 Geibel- 5
– Bärbel 47053 Frieden- 48
– Christa 47058 Wilhelmshöhe 1a
– Dietmar 47137 Bau- 21a
– Dirk 47259 Antweiler- 13
– Else 47249 Lange- 60
– Frank 47249 An der Huf 53
– Hans 47053 Frieden- 48
– Hans-Werner 47249 Konstanzer- 29
– Markus 47057 Kammer- 207
– Marlis 47053 Frieden- 48
– Susanne 47259 Antweiler- 13
– Waltraud 47053 Frieden- 48
Liehs Klaus 47249 Zimmer- 36
– Rosemarie 47249 Zimmer- 36
Lieleh Andrea 47198 Linden- 79
– Heinz 47198 Bismarckplatz 13
– Marlies 47198 Linden- 79
– Monika 47198 Hochfeld- 80
Liem Linda 47249 Salzburger Platz 14
Liemant Edith 47166 Uhland- 49
Lienau Christa 47057 Heine- 40
– Dieter 47059 Weidenweg 61
– Edgar 47057 Heine- 40
– Hildegard 47249 Bregenzer- 41
– Irmtraud 47279 Dirschauer Weg 7
– Ruth 47059 Ruhrorter- 27
– Marlies 47059 Weidenweg 61
– Werner 47279 Dirschauer Weg 7
Lienden Adrian van
47059 Paul-Rücker- 57
– Bärbel van 47059 Paul-Rücker- 57
Lienen Anselm 47249 Münchener- 39
– Christel 47249 Gustavsburger- 38
– Ewald 47179 Am Finkenacker 5
– Herbert von 47259 Am Finkenacker 5
– Ingo 47057 Tulpen- 14
Firmen, Gewerbebetriebe usw. nach Namen – siehe gelber Teil	A-DU
